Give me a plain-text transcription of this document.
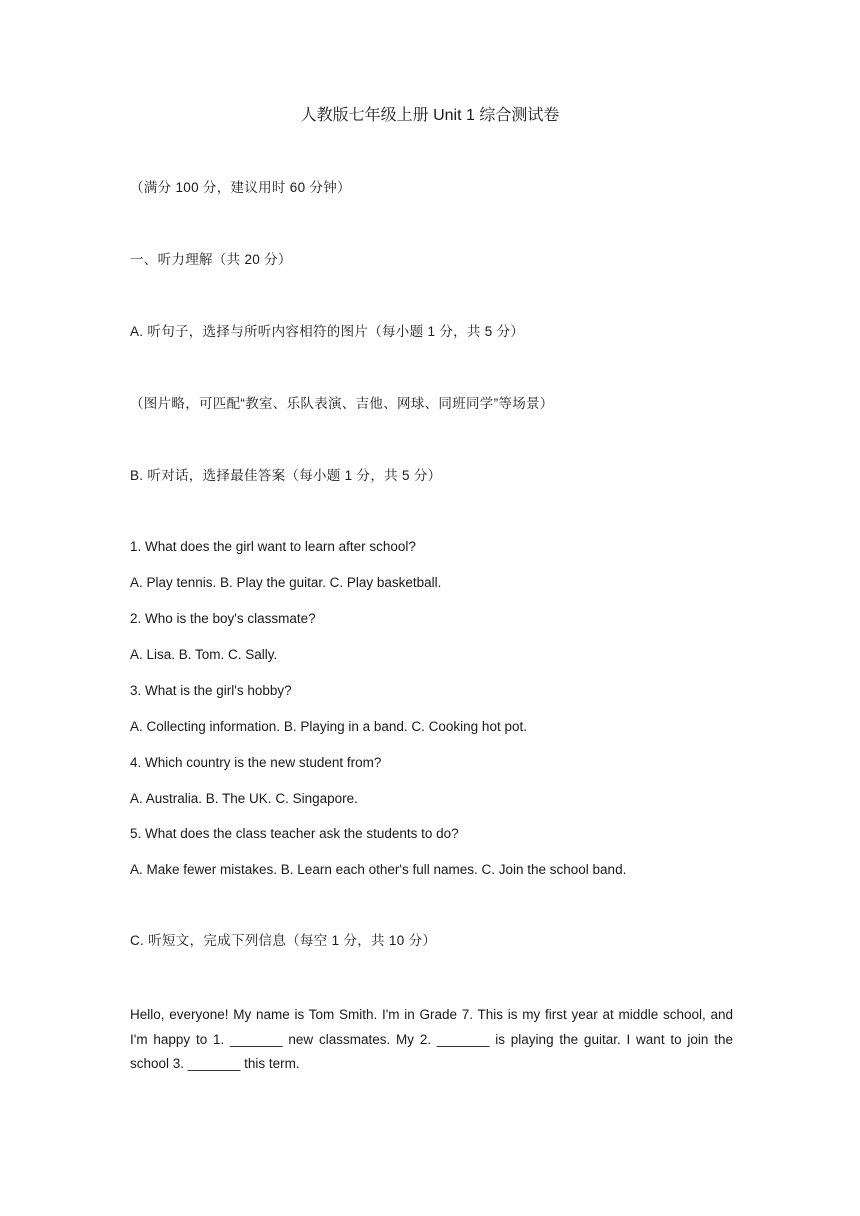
人教版七年级上册 Unit 1 综合测试卷
（满分 100 分，建议用时 60 分钟）
一、听力理解（共 20 分）
A. 听句子，选择与所听内容相符的图片（每小题 1 分，共 5 分）
（图片略，可匹配“教室、乐队表演、吉他、网球、同班同学”等场景）
B. 听对话，选择最佳答案（每小题 1 分，共 5 分）
1. What does the girl want to learn after school?
A. Play tennis. B. Play the guitar. C. Play basketball.
2. Who is the boy's classmate?
A. Lisa. B. Tom. C. Sally.
3. What is the girl's hobby?
A. Collecting information. B. Playing in a band. C. Cooking hot pot.
4. Which country is the new student from?
A. Australia. B. The UK. C. Singapore.
5. What does the class teacher ask the students to do?
A. Make fewer mistakes. B. Learn each other's full names. C. Join the school band.
C. 听短文，完成下列信息（每空 1 分，共 10 分）
Hello, everyone! My name is Tom Smith. I'm in Grade 7. This is my first year at middle school, and I'm happy to 1. _______ new classmates. My 2. _______ is playing the guitar. I want to join the school 3. _______ this term.
